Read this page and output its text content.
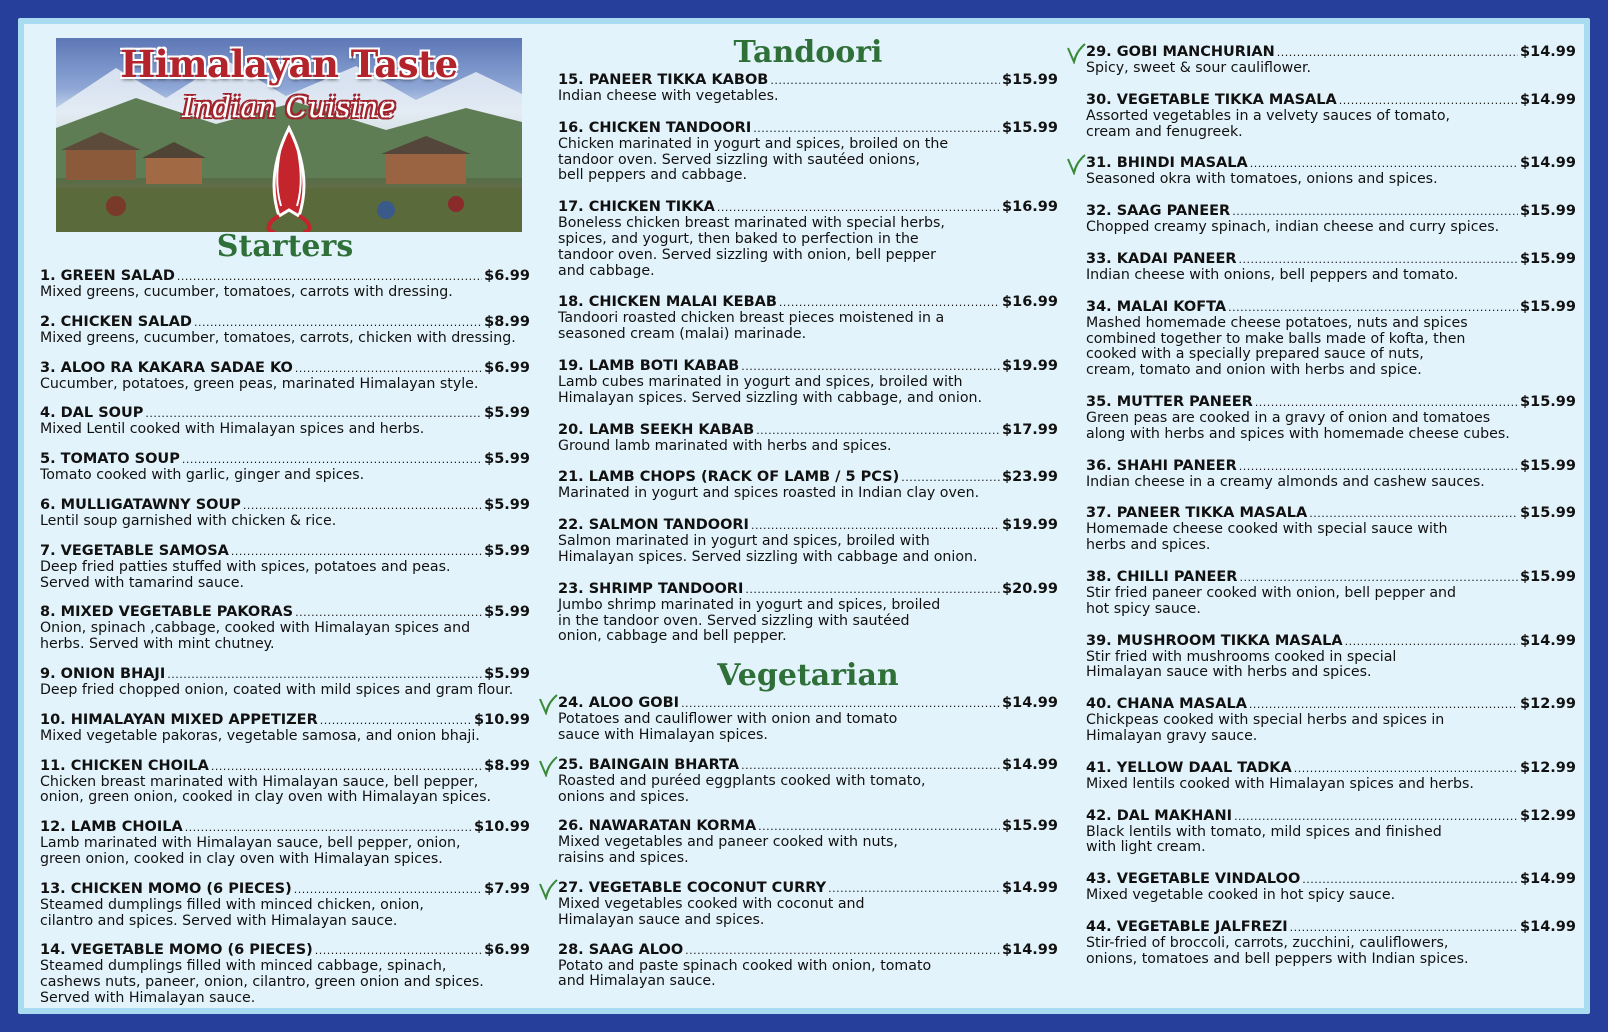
Himalayan Taste
Indian Cuisine
Starters
1. GREEN SALAD .....	$6.99
Mixed greens, cucumber, tomatoes, carrots with dressing.
2. CHICKEN SALAD .....	$8.99
Mixed greens, cucumber, tomatoes, carrots, chicken with dressing.
3. ALOO RA KAKARA SADAE KO .....	$6.99
Cucumber, potatoes, green peas, marinated Himalayan style.
4. DAL SOUP .....	$5.99
Mixed Lentil cooked with Himalayan spices and herbs.
5. TOMATO SOUP .....	$5.99
Tomato cooked with garlic, ginger and spices.
6. MULLIGATAWNY SOUP .....	$5.99
Lentil soup garnished with chicken & rice.
7. VEGETABLE SAMOSA .....	$5.99
Deep fried patties stuffed with spices, potatoes and peas.
Served with tamarind sauce.
8. MIXED VEGETABLE PAKORAS .....	$5.99
Onion, spinach ,cabbage, cooked with Himalayan spices and
herbs. Served with mint chutney.
9. ONION BHAJI .....	$5.99
Deep fried chopped onion, coated with mild spices and gram flour.
10. HIMALAYAN MIXED APPETIZER .....	$10.99
Mixed vegetable pakoras, vegetable samosa, and onion bhaji.
11. CHICKEN CHOILA .....	$8.99
Chicken breast marinated with Himalayan sauce, bell pepper,
onion, green onion, cooked in clay oven with Himalayan spices.
12. LAMB CHOILA .....	$10.99
Lamb marinated with Himalayan sauce, bell pepper, onion,
green onion, cooked in clay oven with Himalayan spices.
13. CHICKEN MOMO (6 PIECES) .....	$7.99
Steamed dumplings filled with minced chicken, onion,
cilantro and spices. Served with Himalayan sauce.
14. VEGETABLE MOMO (6 PIECES) .....	$6.99
Steamed dumplings filled with minced cabbage, spinach,
cashews nuts, paneer, onion, cilantro, green onion and spices.
Served with Himalayan sauce.
Tandoori
15. PANEER TIKKA KABOB .....	$15.99
Indian cheese with vegetables.
16. CHICKEN TANDOORI .....	$15.99
Chicken marinated in yogurt and spices, broiled on the
tandoor oven. Served sizzling with sautéed onions,
bell peppers and cabbage.
17. CHICKEN TIKKA .....	$16.99
Boneless chicken breast marinated with special herbs,
spices, and yogurt, then baked to perfection in the
tandoor oven. Served sizzling with onion, bell pepper
and cabbage.
18. CHICKEN MALAI KEBAB .....	$16.99
Tandoori roasted chicken breast pieces moistened in a
seasoned cream (malai) marinade.
19. LAMB BOTI KABAB .....	$19.99
Lamb cubes marinated in yogurt and spices, broiled with
Himalayan spices. Served sizzling with cabbage, and onion.
20. LAMB SEEKH KABAB .....	$17.99
Ground lamb marinated with herbs and spices.
21. LAMB CHOPS (RACK OF LAMB / 5 PCS) .....	$23.99
Marinated in yogurt and spices roasted in Indian clay oven.
22. SALMON TANDOORI .....	$19.99
Salmon marinated in yogurt and spices, broiled with
Himalayan spices. Served sizzling with cabbage and onion.
23. SHRIMP TANDOORI .....	$20.99
Jumbo shrimp marinated in yogurt and spices, broiled
in the tandoor oven. Served sizzling with sautéed
onion, cabbage and bell pepper.
Vegetarian
24. ALOO GOBI .....	$14.99
Potatoes and cauliflower with onion and tomato
sauce with Himalayan spices.
25. BAINGAIN BHARTA .....	$14.99
Roasted and puréed eggplants cooked with tomato,
onions and spices.
26. NAWARATAN KORMA .....	$15.99
Mixed vegetables and paneer cooked with nuts,
raisins and spices.
27. VEGETABLE COCONUT CURRY .....	$14.99
Mixed vegetables cooked with coconut and
Himalayan sauce and spices.
28. SAAG ALOO .....	$14.99
Potato and paste spinach cooked with onion, tomato
and Himalayan sauce.
29. GOBI MANCHURIAN .....	$14.99
Spicy, sweet & sour cauliflower.
30. VEGETABLE TIKKA MASALA .....	$14.99
Assorted vegetables in a velvety sauces of tomato,
cream and fenugreek.
31. BHINDI MASALA .....	$14.99
Seasoned okra with tomatoes, onions and spices.
32. SAAG PANEER .....	$15.99
Chopped creamy spinach, indian cheese and curry spices.
33. KADAI PANEER .....	$15.99
Indian cheese with onions, bell peppers and tomato.
34. MALAI KOFTA .....	$15.99
Mashed homemade cheese potatoes, nuts and spices
combined together to make balls made of kofta, then
cooked with a specially prepared sauce of nuts,
cream, tomato and onion with herbs and spice.
35. MUTTER PANEER .....	$15.99
Green peas are cooked in a gravy of onion and tomatoes
along with herbs and spices with homemade cheese cubes.
36. SHAHI PANEER .....	$15.99
Indian cheese in a creamy almonds and cashew sauces.
37. PANEER TIKKA MASALA .....	$15.99
Homemade cheese cooked with special sauce with
herbs and spices.
38. CHILLI PANEER .....	$15.99
Stir fried paneer cooked with onion, bell pepper and
hot spicy sauce.
39. MUSHROOM TIKKA MASALA .....	$14.99
Stir fried with mushrooms cooked in special
Himalayan sauce with herbs and spices.
40. CHANA MASALA .....	$12.99
Chickpeas cooked with special herbs and spices in
Himalayan gravy sauce.
41. YELLOW DAAL TADKA .....	$12.99
Mixed lentils cooked with Himalayan spices and herbs.
42. DAL MAKHANI .....	$12.99
Black lentils with tomato, mild spices and finished
with light cream.
43. VEGETABLE VINDALOO .....	$14.99
Mixed vegetable cooked in hot spicy sauce.
44. VEGETABLE JALFREZI .....	$14.99
Stir-fried of broccoli, carrots, zucchini, cauliflowers,
onions, tomatoes and bell peppers with Indian spices.
